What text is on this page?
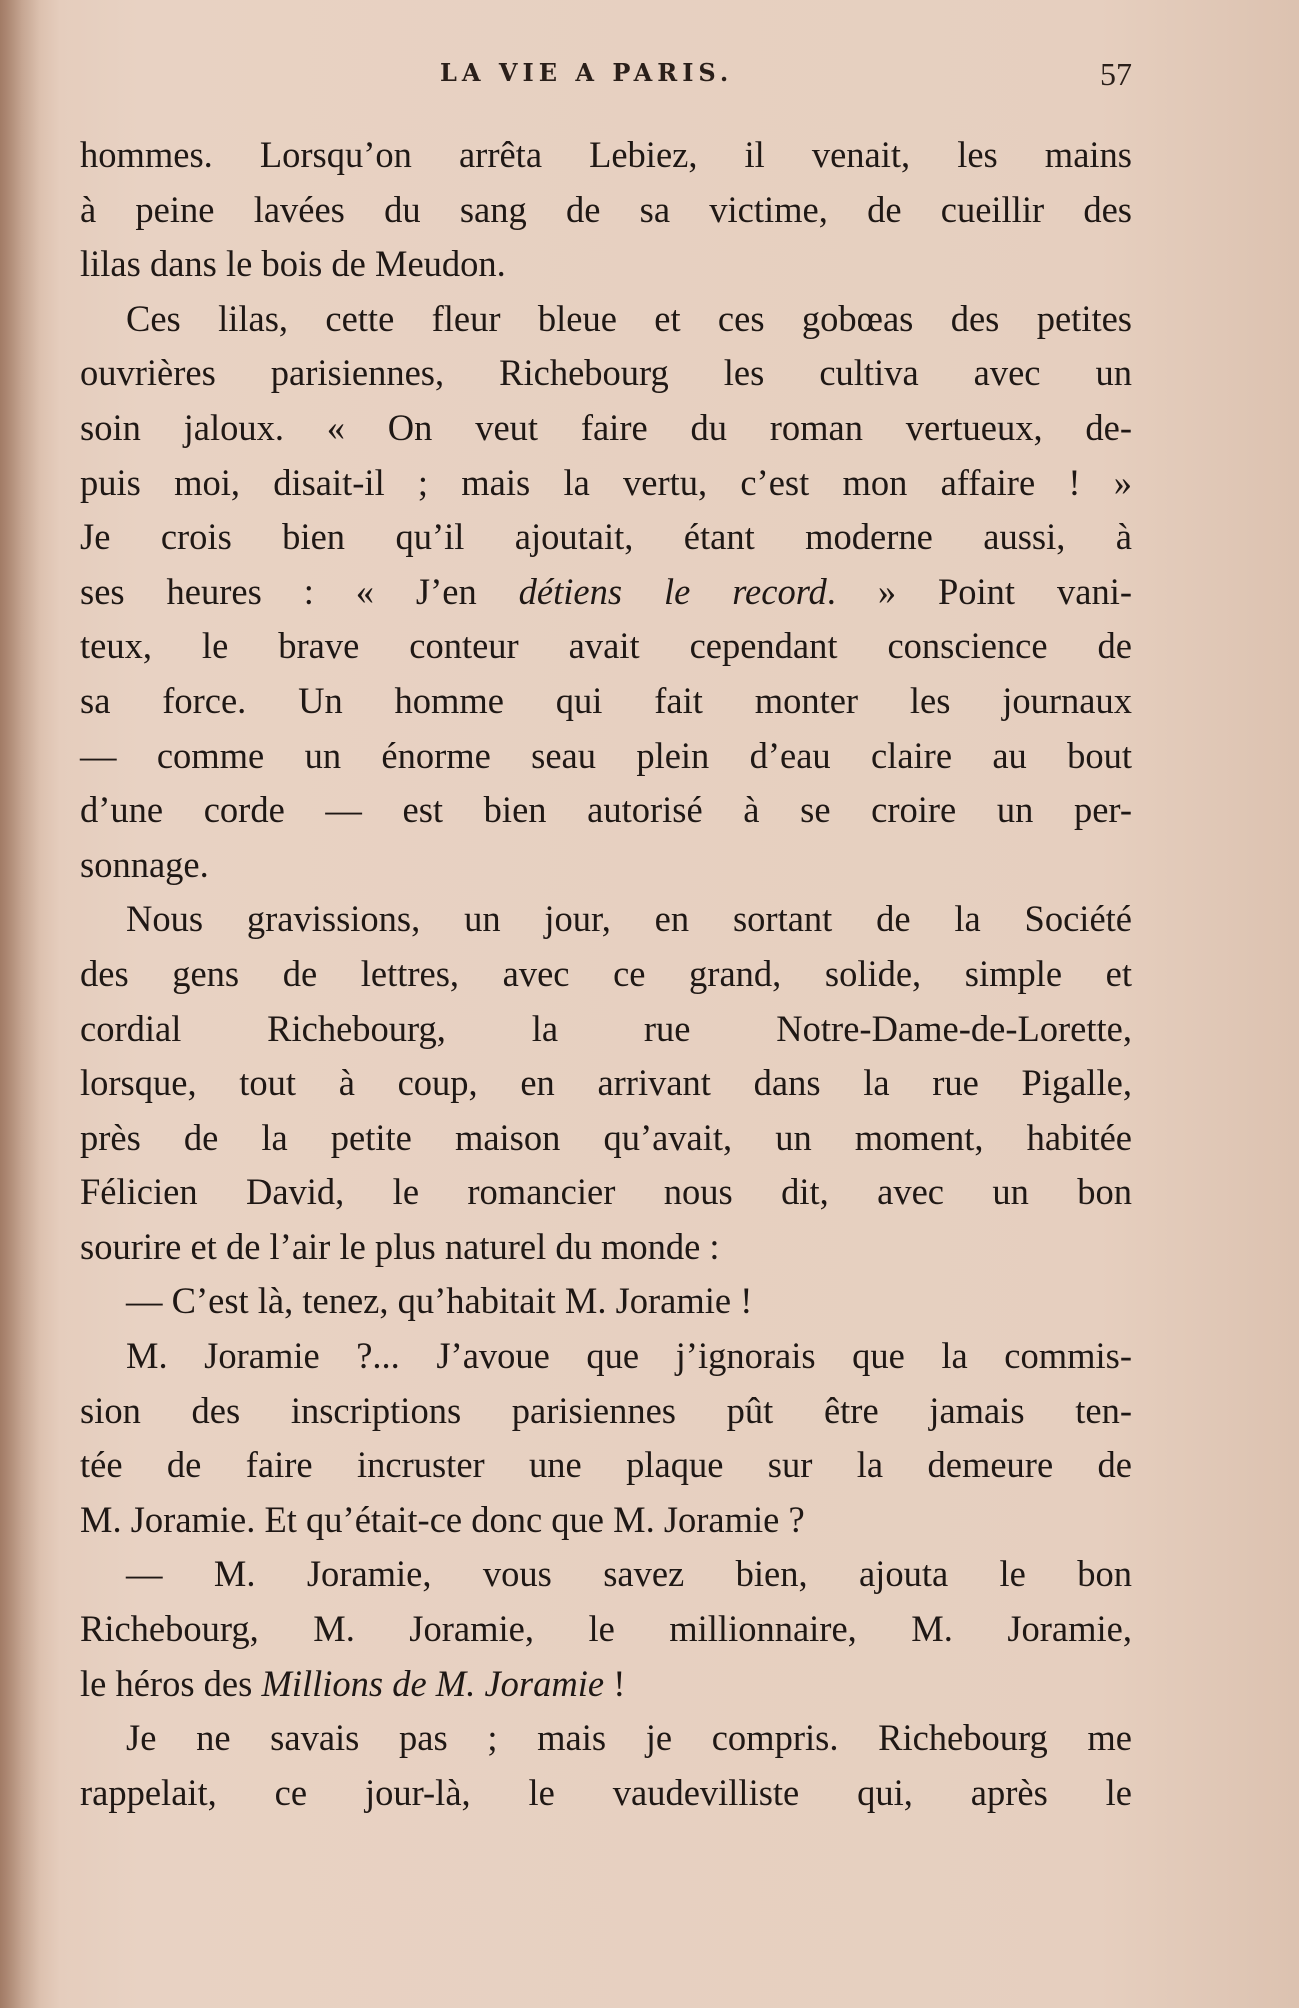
LA VIE A PARIS.	57
hommes. Lorsqu’on arrêta Lebiez, il venait, les mains
à peine lavées du sang de sa victime, de cueillir des
lilas dans le bois de Meudon.
Ces lilas, cette fleur bleue et ces gobœas des petites
ouvrières parisiennes, Richebourg les cultiva avec un
soin jaloux. « On veut faire du roman vertueux, de-
puis moi, disait-il ; mais la vertu, c’est mon affaire ! »
Je crois bien qu’il ajoutait, étant moderne aussi, à
ses heures : « J’en détiens le record. » Point vani-
teux, le brave conteur avait cependant conscience de
sa force. Un homme qui fait monter les journaux
— comme un énorme seau plein d’eau claire au bout
d’une corde — est bien autorisé à se croire un per-
sonnage.
Nous gravissions, un jour, en sortant de la Société
des gens de lettres, avec ce grand, solide, simple et
cordial Richebourg, la rue Notre-Dame-de-Lorette,
lorsque, tout à coup, en arrivant dans la rue Pigalle,
près de la petite maison qu’avait, un moment, habitée
Félicien David, le romancier nous dit, avec un bon
sourire et de l’air le plus naturel du monde :
— C’est là, tenez, qu’habitait M. Joramie !
M. Joramie ?... J’avoue que j’ignorais que la commis-
sion des inscriptions parisiennes pût être jamais ten-
tée de faire incruster une plaque sur la demeure de
M. Joramie. Et qu’était-ce donc que M. Joramie ?
— M. Joramie, vous savez bien, ajouta le bon
Richebourg, M. Joramie, le millionnaire, M. Joramie,
le héros des Millions de M. Joramie !
Je ne savais pas ; mais je compris. Richebourg me
rappelait, ce jour-là, le vaudevilliste qui, après le
